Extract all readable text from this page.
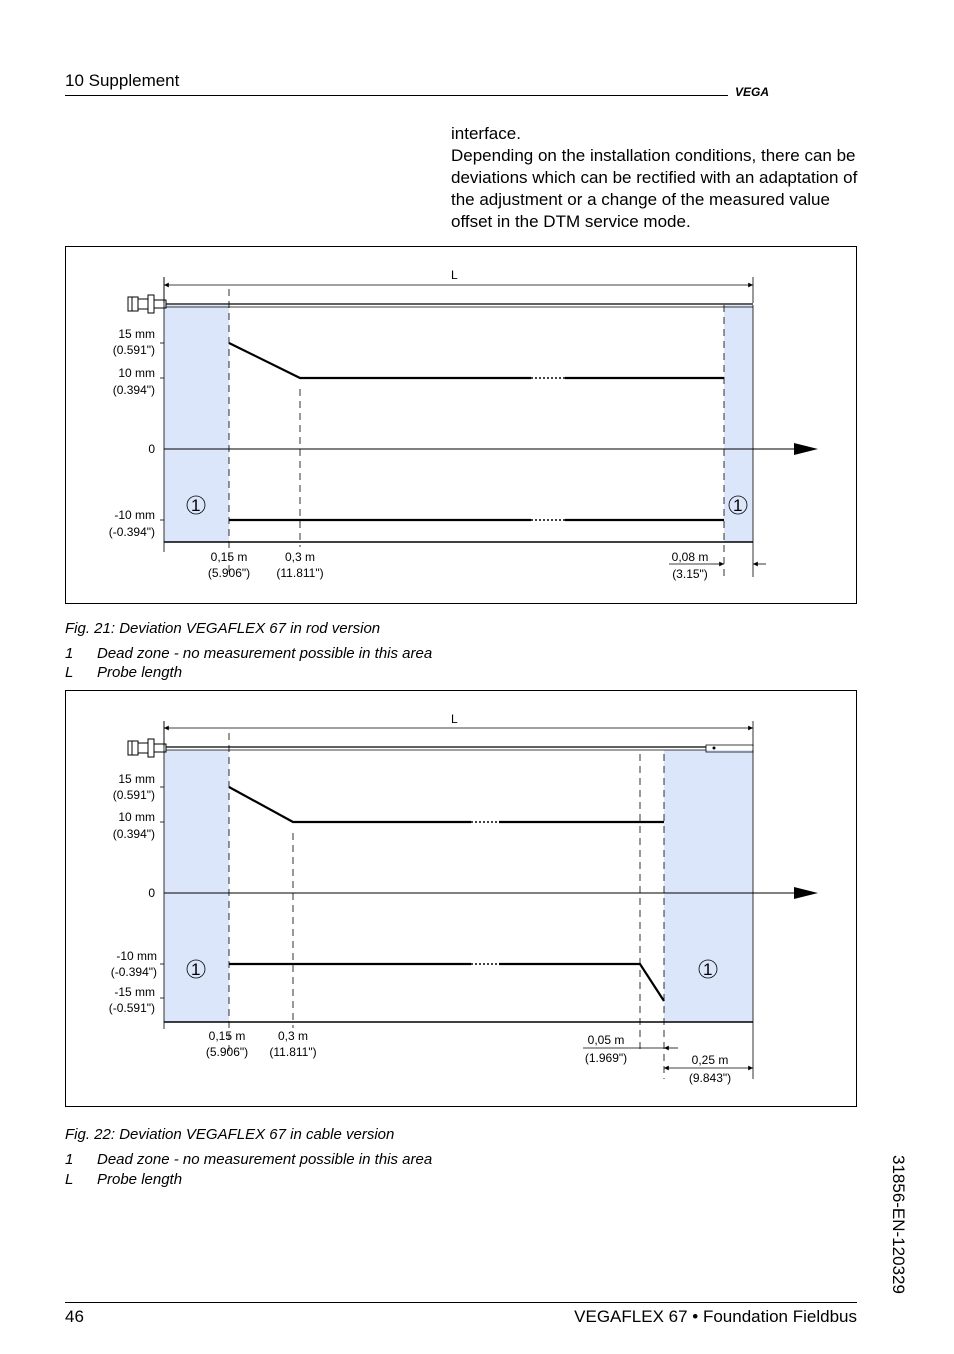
10 Supplement
VEGA

interface.

Depending on the installation conditions, there can be deviations which can be rectified with an adaptation of the adjustment or a change of the measured value offset in the DTM service mode.

L
15 mm
(0.591")
10 mm
(0.394")
0
-10 mm
(-0.394")
1	1
0,15 m
(5.906")
0,3 m
(11.811")
0,08 m
(3.15")
Fig. 21: Deviation VEGAFLEX 67 in rod version
1 Dead zone - no measurement possible in this area
L Probe length
L
15 mm
(0.591")
10 mm
(0.394")
0
-10 mm
(-0.394")
-15 mm
(-0.591")
1	1
0,15 m
(5.906")
0,3 m
(11.811")
0,05 m
(1.969")	0,25 m
(9.843")
Fig. 22: Deviation VEGAFLEX 67 in cable version
1 Dead zone - no measurement possible in this area
L Probe length	31856-EN-120329
46	VEGAFLEX 67 • Foundation Fieldbus
